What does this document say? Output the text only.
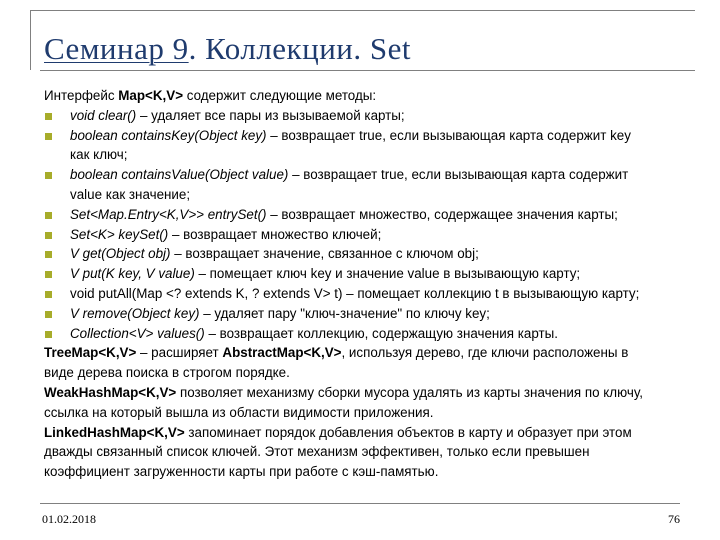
Семинар 9. Коллекции. Set
Интерфейс Map<K,V> содержит следующие методы:
void clear() – удаляет все пары из вызываемой карты;
boolean containsKey(Object key) – возвращает true, если вызывающая карта содержит key
как ключ;
boolean containsValue(Object value) – возвращает true, если вызывающая карта содержит
value как значение;
Set<Map.Entry<K,V>> entrySet() – возвращает множество, содержащее значения карты;
Set<K> keySet() – возвращает множество ключей;
V get(Object obj) – возвращает значение, связанное с ключом obj;
V put(K key, V value) – помещает ключ key и значение value в вызывающую карту;
void putAll(Map <? extends K, ? extends V> t) – помещает коллекцию t в вызывающую карту;
V remove(Object key) – удаляет пару "ключ-значение" по ключу key;
Collection<V> values() – возвращает коллекцию, содержащую значения карты.
TreeMap<K,V> – расширяет AbstractMap<K,V>, используя дерево, где ключи расположены в
виде дерева поиска в строгом порядке.
WeakHashMap<K,V> позволяет механизму сборки мусора удалять из карты значения по ключу,
ссылка на который вышла из области видимости приложения.
LinkedHashMap<K,V> запоминает порядок добавления объектов в карту и образует при этом
дважды связанный список ключей. Этот механизм эффективен, только если превышен
коэффициент загруженности карты при работе с кэш-памятью.
01.02.2018	76
